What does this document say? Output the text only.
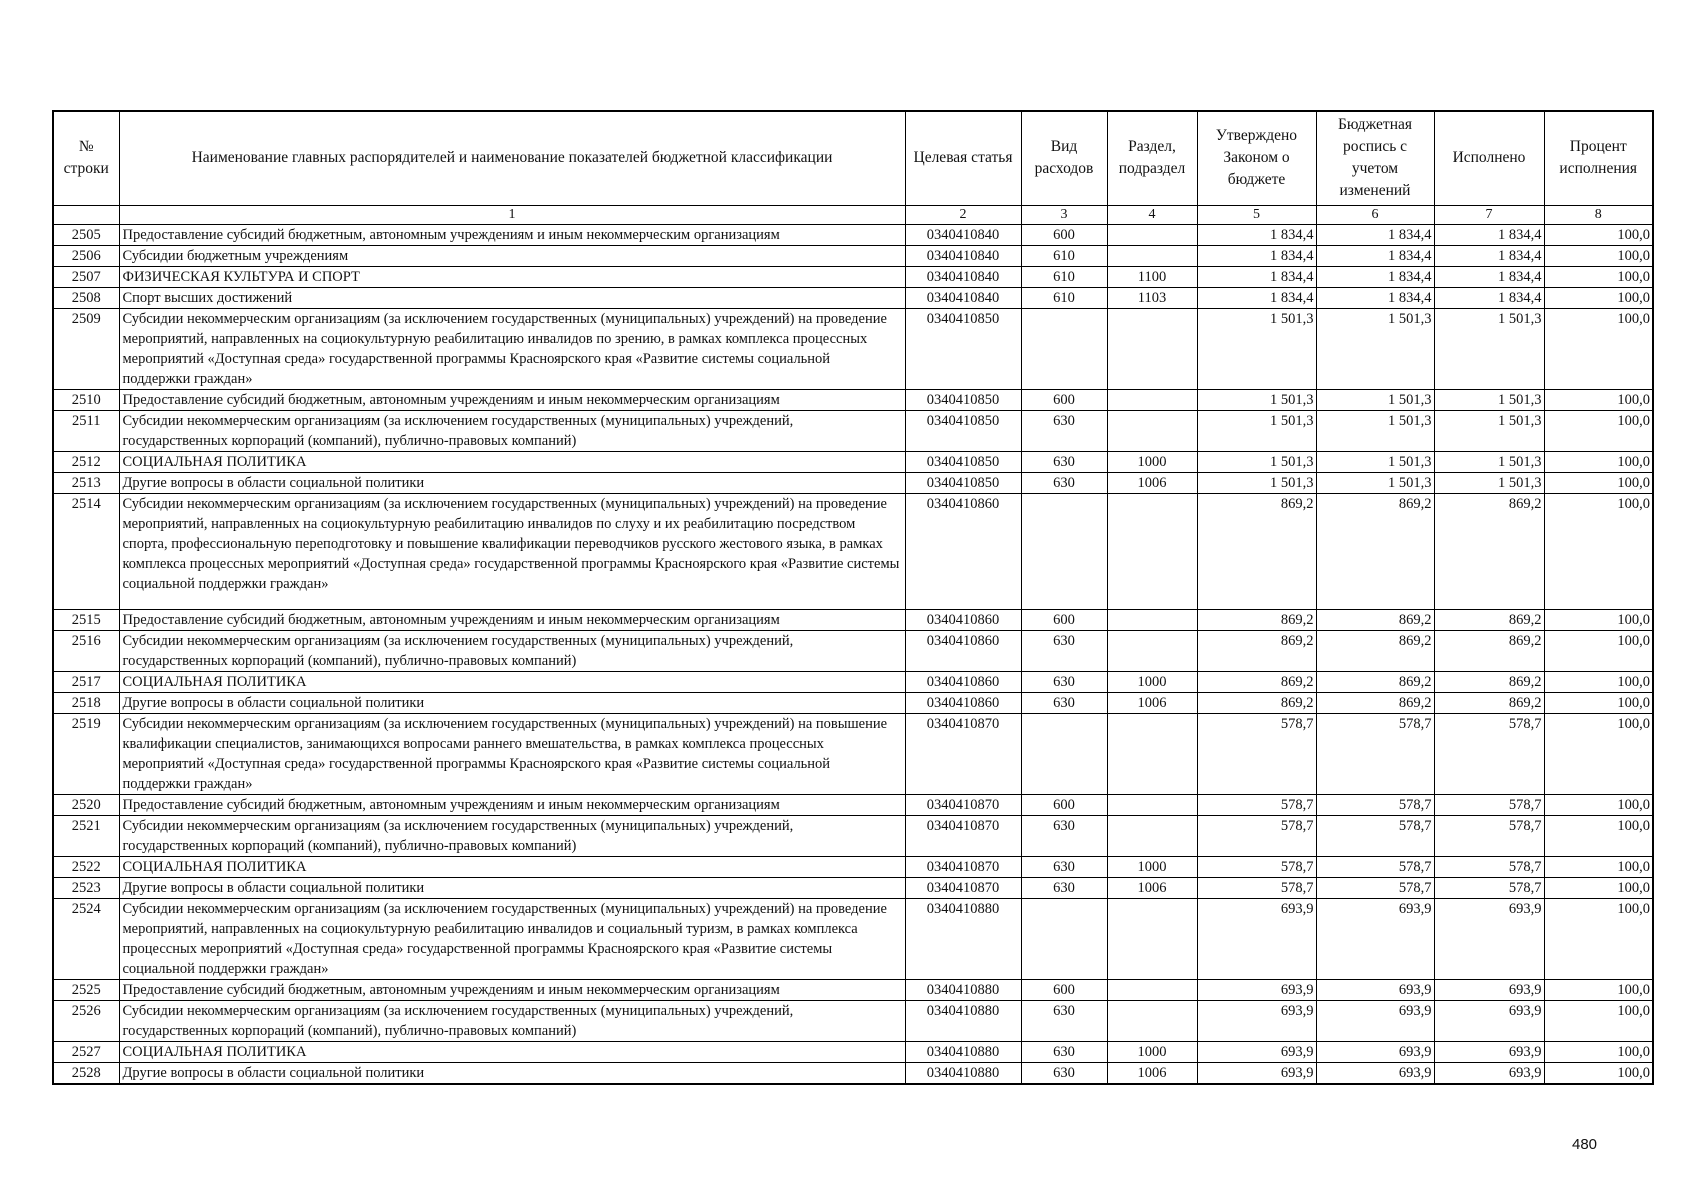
№ строки	Наименование главных распорядителей и наименование показателей бюджетной классификации	Целевая статья	Вид расходов	Раздел, подраздел	Утверждено Законом о бюджете	Бюджетная роспись с учетом изменений	Исполнено	Процент исполнения
	1	2	3	4	5	6	7	8
2505	Предоставление субсидий бюджетным, автономным учреждениям и иным некоммерческим организациям	0340410840	600		1 834,4	1 834,4	1 834,4	100,0
2506	Субсидии бюджетным учреждениям	0340410840	610		1 834,4	1 834,4	1 834,4	100,0
2507	ФИЗИЧЕСКАЯ КУЛЬТУРА И СПОРТ	0340410840	610	1100	1 834,4	1 834,4	1 834,4	100,0
2508	Спорт высших достижений	0340410840	610	1103	1 834,4	1 834,4	1 834,4	100,0
2509	Субсидии некоммерческим организациям (за исключением государственных (муниципальных) учреждений) на проведение мероприятий, направленных на социокультурную реабилитацию инвалидов по зрению, в рамках комплекса процессных мероприятий «Доступная среда» государственной программы Красноярского края «Развитие системы социальной поддержки граждан»	0340410850			1 501,3	1 501,3	1 501,3	100,0
2510	Предоставление субсидий бюджетным, автономным учреждениям и иным некоммерческим организациям	0340410850	600		1 501,3	1 501,3	1 501,3	100,0
2511	Субсидии некоммерческим организациям (за исключением государственных (муниципальных) учреждений, государственных корпораций (компаний), публично-правовых компаний)	0340410850	630		1 501,3	1 501,3	1 501,3	100,0
2512	СОЦИАЛЬНАЯ ПОЛИТИКА	0340410850	630	1000	1 501,3	1 501,3	1 501,3	100,0
2513	Другие вопросы в области социальной политики	0340410850	630	1006	1 501,3	1 501,3	1 501,3	100,0
2514	Субсидии некоммерческим организациям (за исключением государственных (муниципальных) учреждений) на проведение мероприятий, направленных на социокультурную реабилитацию инвалидов по слуху и их реабилитацию посредством спорта, профессиональную переподготовку и повышение квалификации переводчиков русского жестового языка, в рамках комплекса процессных мероприятий «Доступная среда» государственной программы Красноярского края «Развитие системы социальной поддержки граждан»	0340410860			869,2	869,2	869,2	100,0
2515	Предоставление субсидий бюджетным, автономным учреждениям и иным некоммерческим организациям	0340410860	600		869,2	869,2	869,2	100,0
2516	Субсидии некоммерческим организациям (за исключением государственных (муниципальных) учреждений, государственных корпораций (компаний), публично-правовых компаний)	0340410860	630		869,2	869,2	869,2	100,0
2517	СОЦИАЛЬНАЯ ПОЛИТИКА	0340410860	630	1000	869,2	869,2	869,2	100,0
2518	Другие вопросы в области социальной политики	0340410860	630	1006	869,2	869,2	869,2	100,0
2519	Субсидии некоммерческим организациям (за исключением государственных (муниципальных) учреждений) на повышение квалификации специалистов, занимающихся вопросами раннего вмешательства, в рамках комплекса процессных мероприятий «Доступная среда» государственной программы Красноярского края «Развитие системы социальной поддержки граждан»	0340410870			578,7	578,7	578,7	100,0
2520	Предоставление субсидий бюджетным, автономным учреждениям и иным некоммерческим организациям	0340410870	600		578,7	578,7	578,7	100,0
2521	Субсидии некоммерческим организациям (за исключением государственных (муниципальных) учреждений, государственных корпораций (компаний), публично-правовых компаний)	0340410870	630		578,7	578,7	578,7	100,0
2522	СОЦИАЛЬНАЯ ПОЛИТИКА	0340410870	630	1000	578,7	578,7	578,7	100,0
2523	Другие вопросы в области социальной политики	0340410870	630	1006	578,7	578,7	578,7	100,0
2524	Субсидии некоммерческим организациям (за исключением государственных (муниципальных) учреждений) на проведение мероприятий, направленных на социокультурную реабилитацию инвалидов и социальный туризм, в рамках комплекса процессных мероприятий «Доступная среда» государственной программы Красноярского края «Развитие системы социальной поддержки граждан»	0340410880			693,9	693,9	693,9	100,0
2525	Предоставление субсидий бюджетным, автономным учреждениям и иным некоммерческим организациям	0340410880	600		693,9	693,9	693,9	100,0
2526	Субсидии некоммерческим организациям (за исключением государственных (муниципальных) учреждений, государственных корпораций (компаний), публично-правовых компаний)	0340410880	630		693,9	693,9	693,9	100,0
2527	СОЦИАЛЬНАЯ ПОЛИТИКА	0340410880	630	1000	693,9	693,9	693,9	100,0
2528	Другие вопросы в области социальной политики	0340410880	630	1006	693,9	693,9	693,9	100,0
480
